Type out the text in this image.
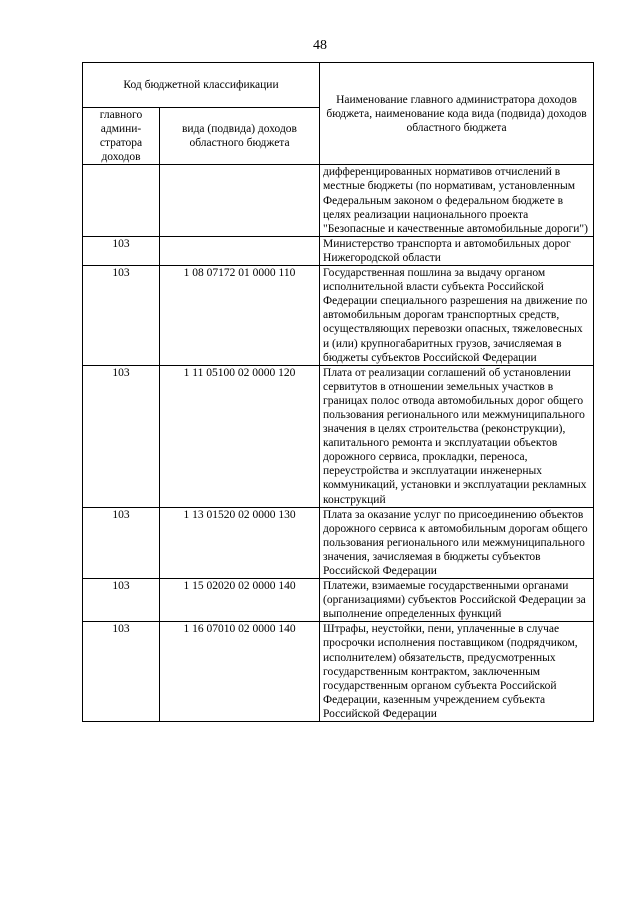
48
Код бюджетной классификации		Наименование главного администратора доходов бюджета, наименование кода вида (подвида) доходов областного бюджета
главного админи-стратора доходов	вида (подвида) доходов областного бюджета	
		дифференцированных нормативов отчислений в местные бюджеты (по нормативам, установленным Федеральным законом о федеральном бюджете в целях реализации национального проекта "Безопасные и качественные автомобильные дороги")
103		Министерство транспорта и автомобильных дорог Нижегородской области
103	1 08 07172 01 0000 110	Государственная пошлина за выдачу органом исполнительной власти субъекта Российской Федерации специального разрешения на движение по автомобильным дорогам транспортных средств, осуществляющих перевозки опасных, тяжеловесных и (или) крупногабаритных грузов, зачисляемая в бюджеты субъектов Российской Федерации
103	1 11 05100 02 0000 120	Плата от реализации соглашений об установлении сервитутов в отношении земельных участков в границах полос отвода автомобильных дорог общего пользования регионального или межмуниципального значения в целях строительства (реконструкции), капитального ремонта и эксплуатации объектов дорожного сервиса, прокладки, переноса, переустройства и эксплуатации инженерных коммуникаций, установки и эксплуатации рекламных конструкций
103	1 13 01520 02 0000 130	Плата за оказание услуг по присоединению объектов дорожного сервиса к автомобильным дорогам общего пользования регионального или межмуниципального значения, зачисляемая в бюджеты субъектов Российской Федерации
103	1 15 02020 02 0000 140	Платежи, взимаемые государственными органами (организациями) субъектов Российской Федерации за выполнение определенных функций
103	1 16 07010 02 0000 140	Штрафы, неустойки, пени, уплаченные в случае просрочки исполнения поставщиком (подрядчиком, исполнителем) обязательств, предусмотренных государственным контрактом, заключенным государственным органом субъекта Российской Федерации, казенным учреждением субъекта Российской Федерации
